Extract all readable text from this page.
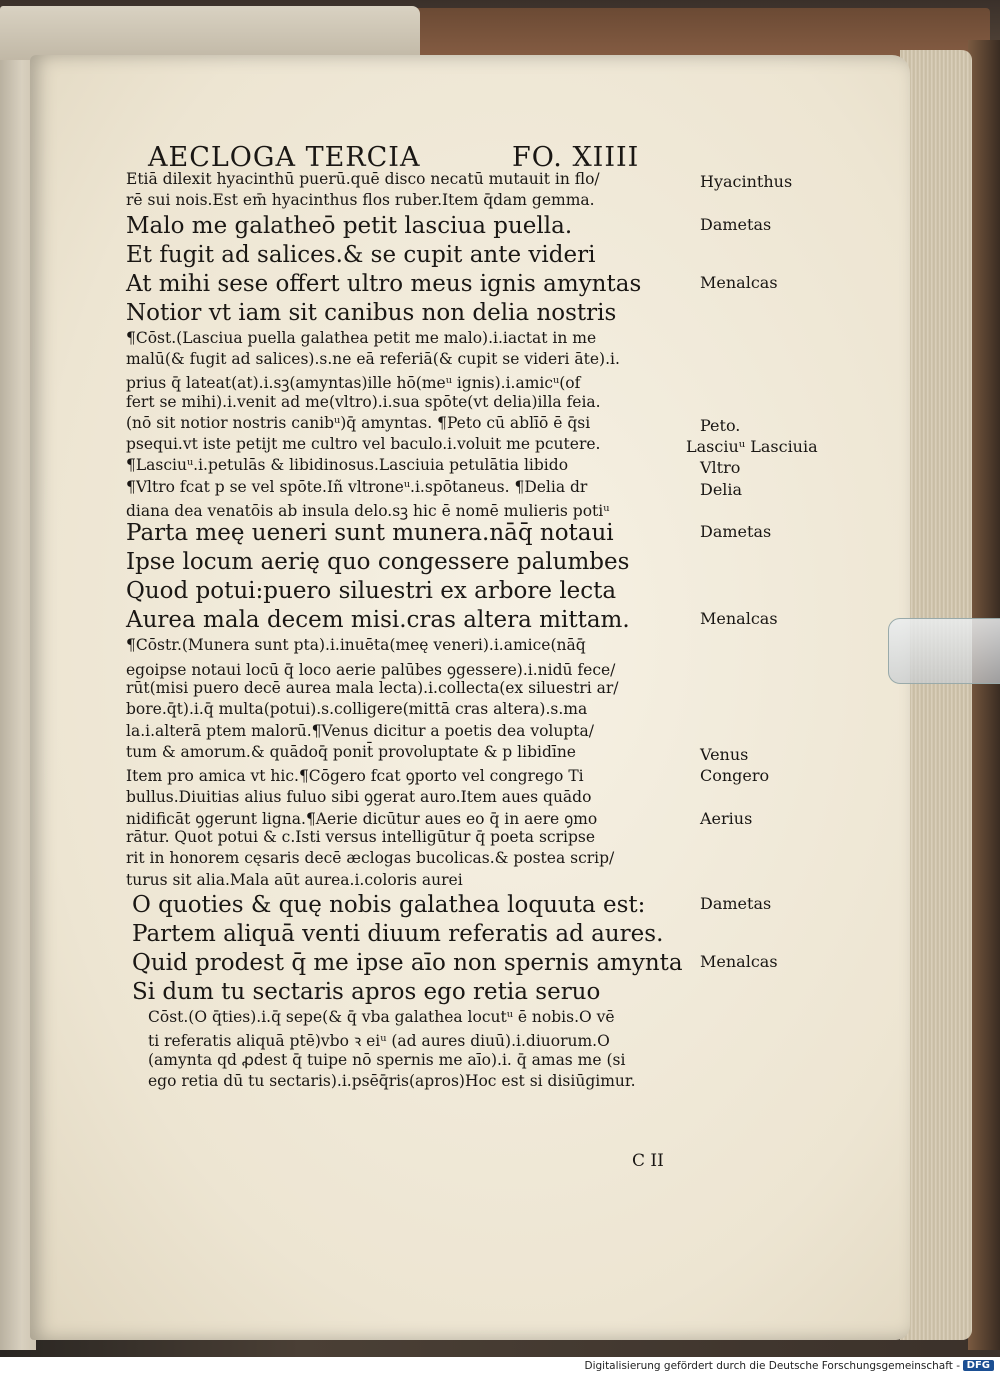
AECLOGA TERCIA	FO. XIIII
Etiā dilexit hyacinthū puerū.quē disco necatū mutauit in flo/
rē sui nois.Est em̄ hyacinthus flos ruber.Item q̄dam gemma.
Malo me galatheō petit lasciua puella.
Et fugit ad salices.& se cupit ante videri
At mihi sese offert ultro meus ignis amyntas
Notior vt iam sit canibus non delia nostris
¶Cōst.(Lasciua puella galathea petit me malo).i.iactat in me
malū(& fugit ad salices).s.ne eā referiā(& cupit se videri āte).i.
prius q̄ lateat(at).i.sꝫ(amyntas)ille hō(meᵘ ignis).i.amicᵘ(of
fert se mihi).i.venit ad me(vltro).i.sua spōte(vt delia)illa feia.
(nō sit notior nostris canibᵘ)q̄ amyntas. ¶Peto cū ablīō ē q̄si
psequi.vt iste petijt me cultro vel baculo.i.voluit me pcutere.
¶Lasciuᵘ.i.petulās & libidinosus.Lasciuia petulātia libido
¶Vltro fcat p se vel spōte.Iñ vltroneᵘ.i.spōtaneus. ¶Delia dr
diana dea venatōis ab insula delo.sꝫ hic ē nomē mulieris potiᵘ
Parta meę ueneri sunt munera.nāq̄ notaui
Ipse locum aerię quo congessere palumbes
Quod potui:puero siluestri ex arbore lecta
Aurea mala decem misi.cras altera mittam.
¶Cōstr.(Munera sunt pta).i.inuēta(meę veneri).i.amice(nāq̄
egoipse notaui locū q̄ loco aerie palūbes ꝯgessere).i.nidū fece/
rūt(misi puero decē aurea mala lecta).i.collecta(ex siluestri ar/
bore.q̄t).i.q̄ multa(potui).s.colligere(mittā cras altera).s.ma
la.i.alterā ptem malorū.¶Venus dicitur a poetis dea volupta/
tum & amorum.& quādoq̄ ponit̄ provoluptate & p libidīne
Item pro amica vt hic.¶Cōgero fcat ꝯporto vel congrego Ti
bullus.Diuitias alius fuluo sibi ꝯgerat auro.Item aues quādo
nidificāt ꝯgerunt ligna.¶Aerie dicūtur aues eo q̄ in aere ꝯmo
rātur. Quot potui & c.Isti versus intelligūtur q̄ poeta scripse
rit in honorem cęsaris decē æclogas bucolicas.& postea scrip/
turus sit alia.Mala aūt aurea.i.coloris aurei
O quoties & quę nobis galathea loquuta est:
Partem aliquā venti diuum referatis ad aures.
Quid prodest q̄ me ipse aīo non spernis amynta
Si dum tu sectaris apros ego retia seruo
Cōst.(O q̄ties).i.q̄ sepe(& q̄ vba galathea locutᵘ ē nobis.O vē
ti referatis aliquā ptē)vbo ꝛ eiᵘ (ad aures diuū).i.diuorum.O
(amynta qd ꝓdest q̄ tuipe nō spernis me aīo).i. q̄ amas me (si
ego retia dū tu sectaris).i.psēq̄ris(apros)Hoc est si disiūgimur.
Hyacinthus
Dametas
Menalcas
Peto.
Lasciuᵘ Lasciuia
Vltro
Delia
Dametas
Menalcas
Venus
Congero
Aerius
Dametas
Menalcas
C II
Digitalisierung gefördert durch die Deutsche Forschungsgemeinschaft - DFG
